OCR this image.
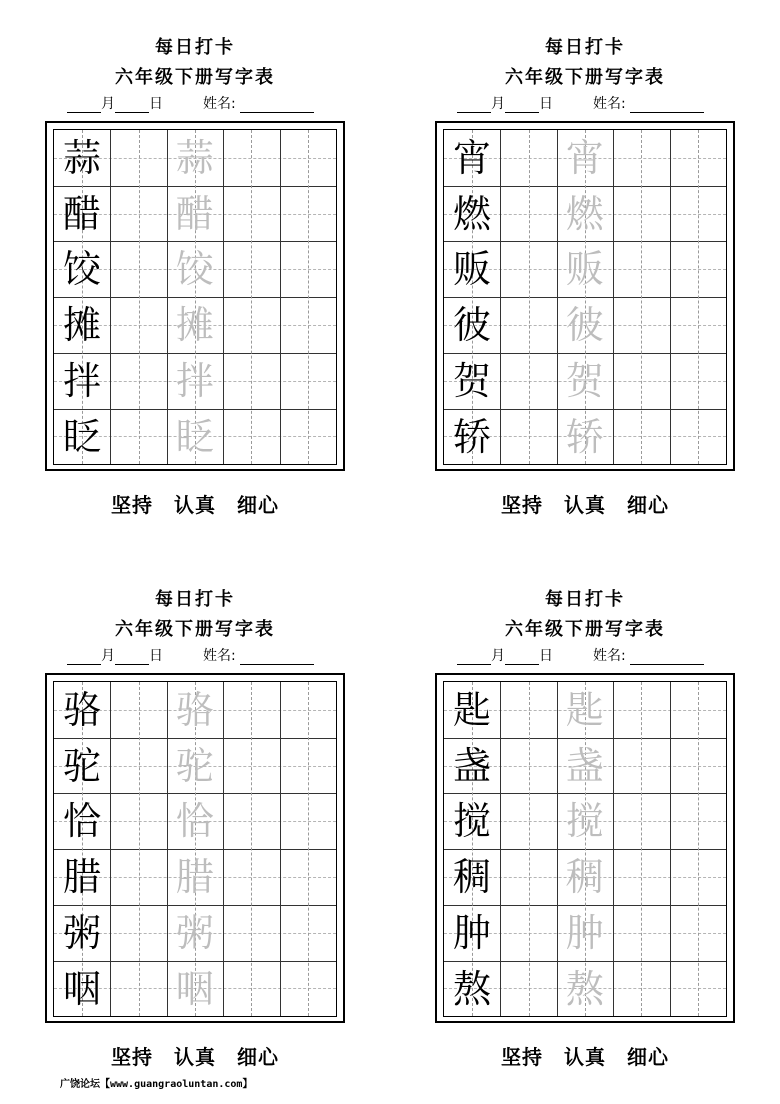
每日打卡
六年级下册写字表
月 日	姓名:
蒜 蒜
醋 醋
饺 饺
摊 摊
拌 拌
眨 眨
坚持　认真　细心
每日打卡
六年级下册写字表
月 日	姓名:
宵 宵
燃 燃
贩 贩
彼 彼
贺 贺
轿 轿
坚持　认真　细心
每日打卡
六年级下册写字表
月 日	姓名:
骆 骆
驼 驼
恰 恰
腊 腊
粥 粥
咽 咽
坚持　认真　细心
每日打卡
六年级下册写字表
月 日	姓名:
匙 匙
盏 盏
搅 搅
稠 稠
肿 肿
熬 熬
坚持　认真　细心
广饶论坛【www.guangraoluntan.com】
